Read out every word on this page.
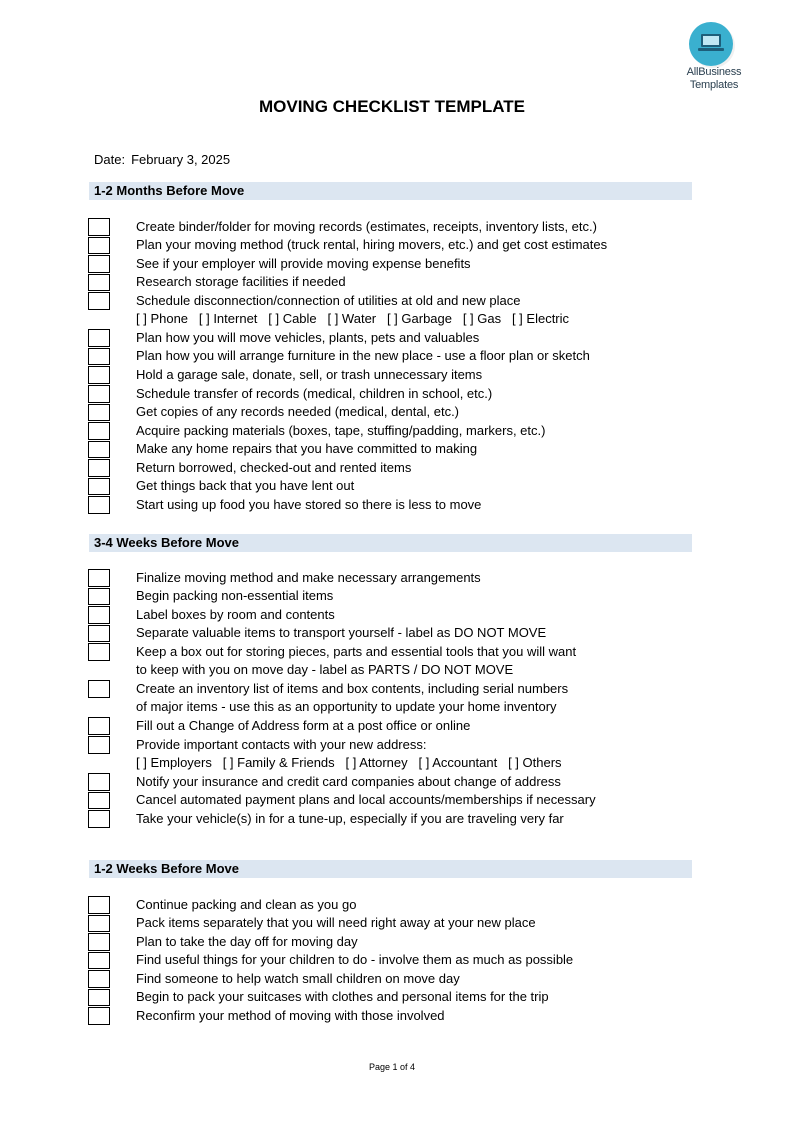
AllBusiness
Templates
MOVING CHECKLIST TEMPLATE
Date: February 3, 2025
1-2 Months Before Move
Create binder/folder for moving records (estimates, receipts, inventory lists, etc.)
Plan your moving method (truck rental, hiring movers, etc.) and get cost estimates
See if your employer will provide moving expense benefits
Research storage facilities if needed
Schedule disconnection/connection of utilities at old and new place
[ ] Phone   [ ] Internet   [ ] Cable   [ ] Water   [ ] Garbage   [ ] Gas   [ ] Electric
Plan how you will move vehicles, plants, pets and valuables
Plan how you will arrange furniture in the new place - use a floor plan or sketch
Hold a garage sale, donate, sell, or trash unnecessary items
Schedule transfer of records (medical, children in school, etc.)
Get copies of any records needed (medical, dental, etc.)
Acquire packing materials (boxes, tape, stuffing/padding, markers, etc.)
Make any home repairs that you have committed to making
Return borrowed, checked-out and rented items
Get things back that you have lent out
Start using up food you have stored so there is less to move
3-4 Weeks Before Move
Finalize moving method and make necessary arrangements
Begin packing non-essential items
Label boxes by room and contents
Separate valuable items to transport yourself - label as DO NOT MOVE
Keep a box out for storing pieces, parts and essential tools that you will want
to keep with you on move day - label as PARTS / DO NOT MOVE
Create an inventory list of items and box contents, including serial numbers
of major items - use this as an opportunity to update your home inventory
Fill out a Change of Address form at a post office or online
Provide important contacts with your new address:
[ ] Employers   [ ] Family & Friends   [ ] Attorney   [ ] Accountant   [ ] Others
Notify your insurance and credit card companies about change of address
Cancel automated payment plans and local accounts/memberships if necessary
Take your vehicle(s) in for a tune-up, especially if you are traveling very far
1-2 Weeks Before Move
Continue packing and clean as you go
Pack items separately that you will need right away at your new place
Plan to take the day off for moving day
Find useful things for your children to do - involve them as much as possible
Find someone to help watch small children on move day
Begin to pack your suitcases with clothes and personal items for the trip
Reconfirm your method of moving with those involved
Page 1 of 4
